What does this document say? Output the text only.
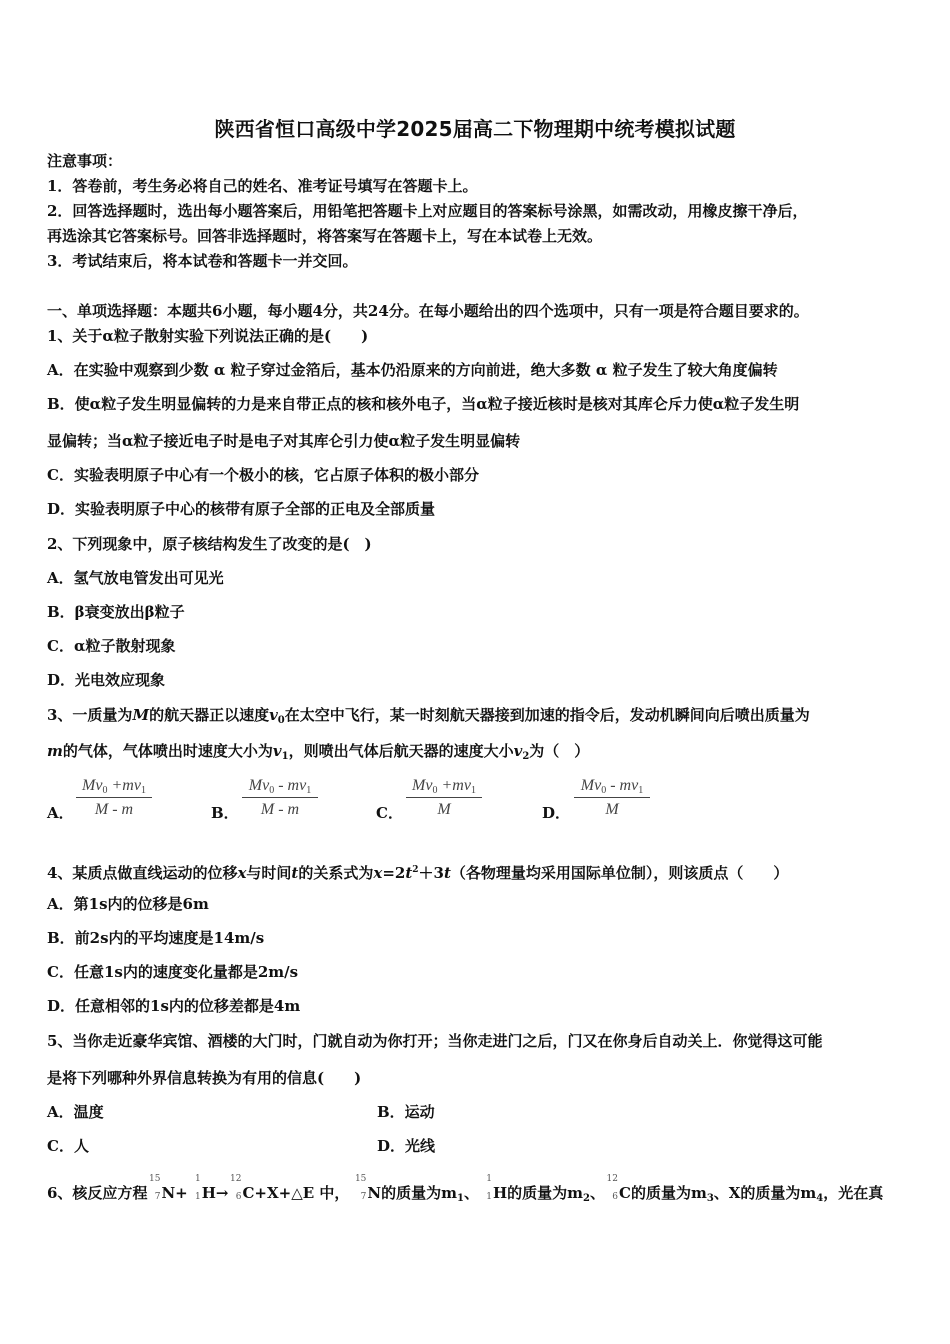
陕西省恒口高级中学2025届高二下物理期中统考模拟试题
注意事项：
1．答卷前，考生务必将自己的姓名、准考证号填写在答题卡上。
2．回答选择题时，选出每小题答案后，用铅笔把答题卡上对应题目的答案标号涂黑，如需改动，用橡皮擦干净后，
再选涂其它答案标号。回答非选择题时，将答案写在答题卡上，写在本试卷上无效。
3．考试结束后，将本试卷和答题卡一并交回。
一、单项选择题：本题共6小题，每小题4分，共24分。在每小题给出的四个选项中，只有一项是符合题目要求的。
1、关于α粒子散射实验下列说法正确的是(　　)
A．在实验中观察到少数 α 粒子穿过金箔后，基本仍沿原来的方向前进，绝大多数 α 粒子发生了较大角度偏转
B．使α粒子发生明显偏转的力是来自带正点的核和核外电子，当α粒子接近核时是核对其库仑斥力使α粒子发生明
显偏转；当α粒子接近电子时是电子对其库仑引力使α粒子发生明显偏转
C．实验表明原子中心有一个极小的核，它占原子体积的极小部分
D．实验表明原子中心的核带有原子全部的正电及全部质量
2、下列现象中，原子核结构发生了改变的是(　)
A．氢气放电管发出可见光
B．β衰变放出β粒子
C．α粒子散射现象
D．光电效应现象
3、一质量为M的航天器正以速度$v_0$在太空中飞行，某一时刻航天器接到加速的指令后，发动机瞬间向后喷出质量为
m的气体，气体喷出时速度大小为$v_1$，则喷出气体后航天器的速度大小$v_2$为（　）
A．
Mv0 +mv1
M - m	B．
Mv0 - mv1
M - m	C．
Mv0 +mv1
M	D．
Mv0 - mv1
M
4、某质点做直线运动的位移x与时间t的关系式为$x=2t^2+3t$（各物理量均采用国际单位制），则该质点（　　）
A．第1s内的位移是6m
B．前2s内的平均速度是14m/s
C．任意1s内的速度变化量都是2m/s
D．任意相邻的1s内的位移差都是4m
5、当你走近豪华宾馆、酒楼的大门时，门就自动为你打开；当你走进门之后，门又在你身后自动关上．你觉得这可能
是将下列哪种外界信息转换为有用的信息(　　)
A．温度	B．运动
C．人	D．光线
6、核反应方程
15
7 N+
1
1 H→
12
6 C+X+△E 中，
15
7 N的质量为$m_1$、
1
1 H的质量为$m_2$、
12
6 C的质量为$m_3$、X的质量为$m_4$，光在真
